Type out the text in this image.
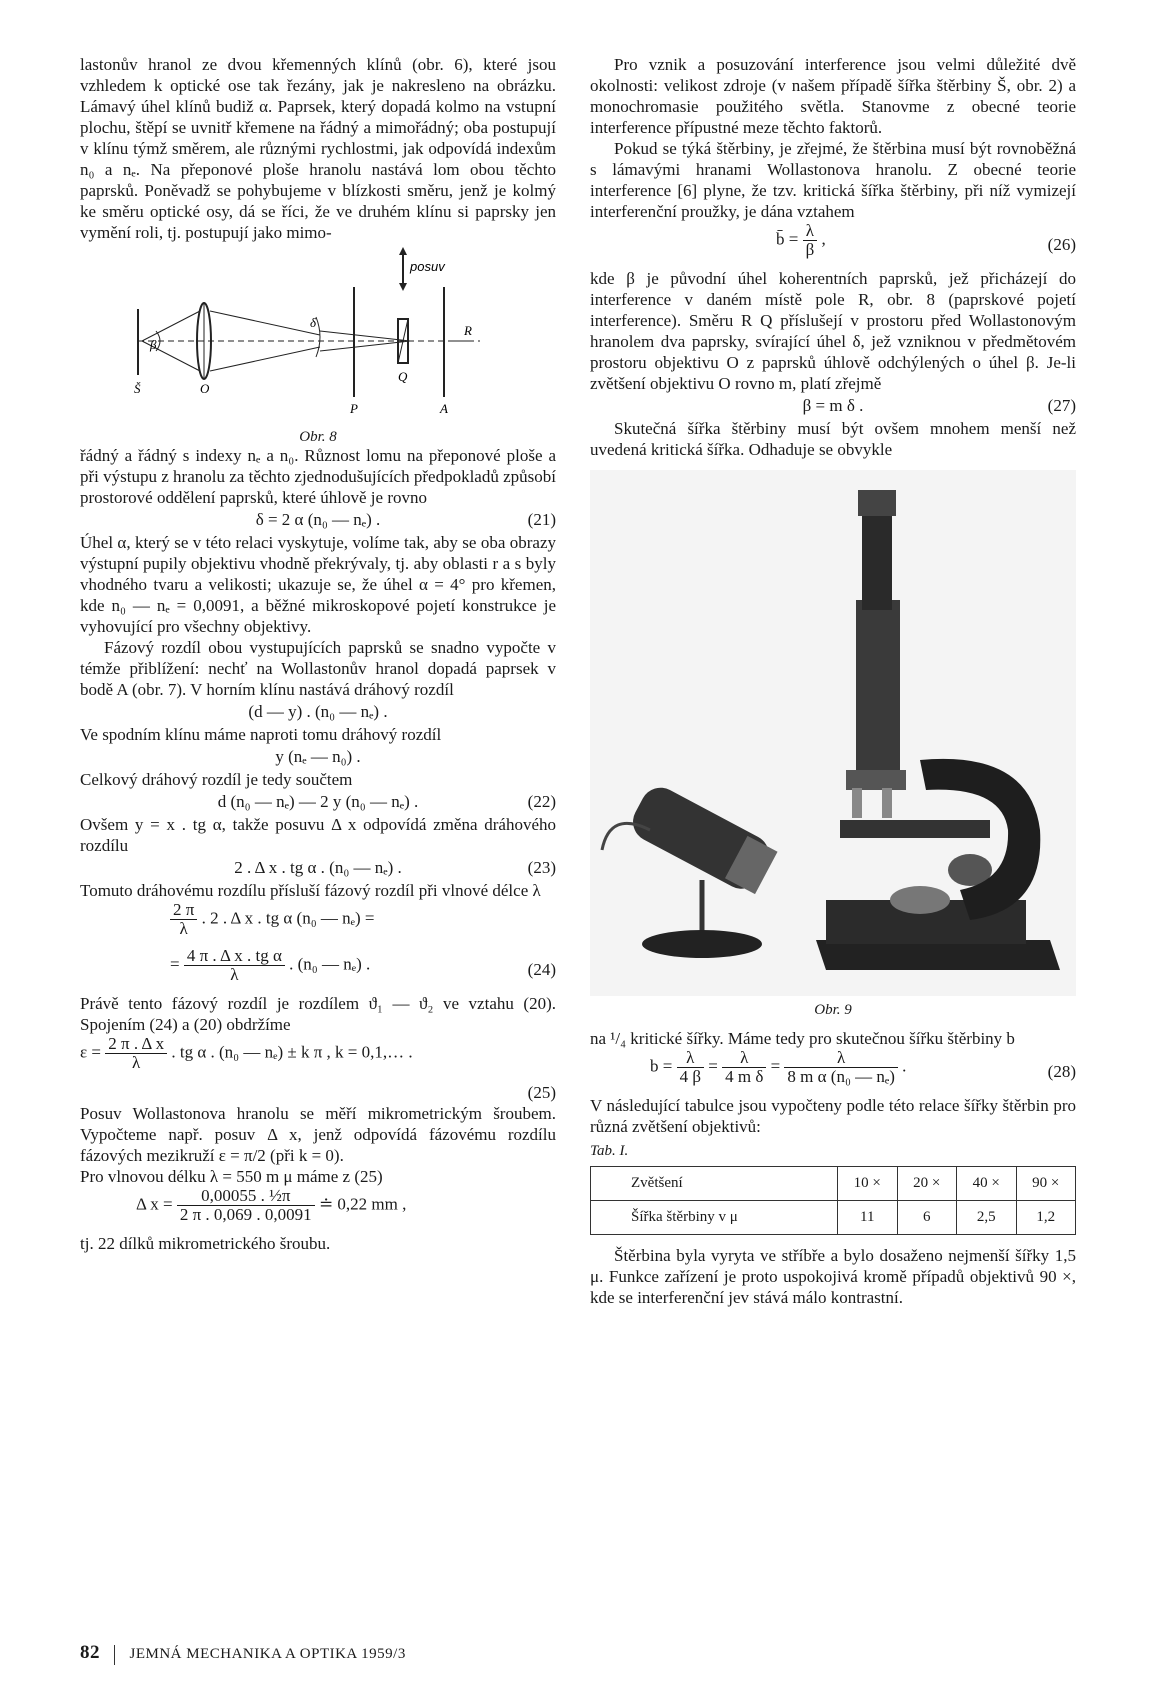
lastonův hranol ze dvou křemenných klínů (obr. 6), které jsou vzhledem k optické ose tak řezány, jak je nakresleno na obrázku. Lámavý úhel klínů budiž α. Paprsek, který dopadá kolmo na vstupní plochu, štěpí se uvnitř křemene na řádný a mimořádný; oba postupují v klínu týmž směrem, ale různými rychlostmi, jak odpovídá indexům n₀ a nₑ. Na přeponové ploše hranolu nastává lom obou těchto paprsků. Poněvadž se pohybujeme v blízkosti směru, jenž je kolmý ke směru optické osy, dá se říci, že ve druhém klínu si paprsky jen vymění roli, tj. postupují jako mimo-

posuv
β
δ
R
Š	O
Q
P	A
Obr. 8

řádný a řádný s indexy nₑ a n₀. Různost lomu na přeponové ploše a při výstupu z hranolu za těchto zjednodušujících předpokladů způsobí prostorové oddělení paprsků, které úhlově je rovno

δ = 2 α (n₀ — nₑ) .	(21)

Úhel α, který se v této relaci vyskytuje, volíme tak, aby se oba obrazy výstupní pupily objektivu vhodně překrývaly, tj. aby oblasti r a s byly vhodného tvaru a velikosti; ukazuje se, že úhel α = 4° pro křemen, kde n₀ — nₑ = 0,0091, a běžné mikroskopové pojetí konstrukce je vyhovující pro všechny objektivy.

Fázový rozdíl obou vystupujících paprsků se snadno vypočte v témže přiblížení: nechť na Wollastonův hranol dopadá paprsek v bodě A (obr. 7). V horním klínu nastává dráhový rozdíl

(d — y) . (n₀ — nₑ) .

Ve spodním klínu máme naproti tomu dráhový rozdíl

y (nₑ — n₀) .

Celkový dráhový rozdíl je tedy součtem

d (n₀ — nₑ) — 2 y (n₀ — nₑ) .	(22)

Ovšem y = x . tg α, takže posuvu Δ x odpovídá změna dráhového rozdílu

2 . Δ x . tg α . (n₀ — nₑ) .	(23)

Tomuto dráhovému rozdílu přísluší fázový rozdíl při vlnové délce λ

$\frac{2 \pi}{\lambda}$ . 2 . Δ x . tg α (n₀ — nₑ) =
= $\frac{\text{4 π . Δ x . tg α}}{\lambda}$ . (n₀ — nₑ) .	(24)

Právě tento fázový rozdíl je rozdílem ϑ₁ — ϑ₂ ve vztahu (20). Spojením (24) a (20) obdržíme

$\varepsilon = \frac{\text{2 π . Δ x}}{\lambda}$ . tg α . (n₀ — nₑ) ± k π , k = 0,1,… .
(25)

Posuv Wollastonova hranolu se měří mikrometrickým šroubem. Vypočteme např. posuv Δ x, jenž odpovídá fázovému rozdílu fázových mezikruží ε = π/2 (při k = 0).

Pro vlnovou délku λ = 550 m μ máme z (25)

Δ $x = \frac{\text{0,00055 . ½π}}{2 \pi . 0,069 . 0,0091}$ ≐ 0,22 mm ,

tj. 22 dílků mikrometrického šroubu.

Pro vznik a posuzování interference jsou velmi důležité dvě okolnosti: velikost zdroje (v našem případě šířka štěrbiny Š, obr. 2) a monochromasie použitého světla. Stanovme z obecné teorie interference přípustné meze těchto faktorů.

Pokud se týká štěrbiny, je zřejmé, že štěrbina musí být rovnoběžná s lámavými hranami Wollastonova hranolu. Z obecné teorie interference [6] plyne, že tzv. kritická šířka štěrbiny, při níž vymizejí interferenční proužky, je dána vztahem

b̄ = $\frac{\lambda}{\beta}$ ,	(26)

kde β je původní úhel koherentních paprsků, jež přicházejí do interference v daném místě pole R, obr. 8 (paprskové pojetí interference). Směru R Q příslušejí v prostoru před Wollastonovým hranolem dva paprsky, svírající úhel δ, jež vzniknou v předmětovém prostoru objektivu O z paprsků úhlově odchýlených o úhel β. Je-li zvětšení objektivu O rovno m, platí zřejmě

β = m δ .	(27)

Skutečná šířka štěrbiny musí být ovšem mnohem menší než uvedená kritická šířka. Odhaduje se obvykle

Obr. 9

na ¹/₄ kritické šířky. Máme tedy pro skutečnou šířku štěrbiny b

$b = \frac{\lambda}{4 \beta} = \frac{\lambda}{\text{4 m δ}} = \frac{\lambda}{\text{8 m α (n₀ — nₑ)}}$ .	(28)

V následující tabulce jsou vypočteny podle této relace šířky štěrbin pro různá zvětšení objektivů:

Tab. I.
Zvětšení	10 ×	20 ×	40 ×	90 ×
Šířka štěrbiny v μ	11	6	2,5	1,2

Štěrbina byla vyryta ve stříbře a bylo dosaženo nejmenší šířky 1,5 μ. Funkce zařízení je proto uspokojivá kromě případů objektivů 90 ×, kde se interferenční jev stává málo kontrastní.

82 JEMNÁ MECHANIKA A OPTIKA 1959/3
